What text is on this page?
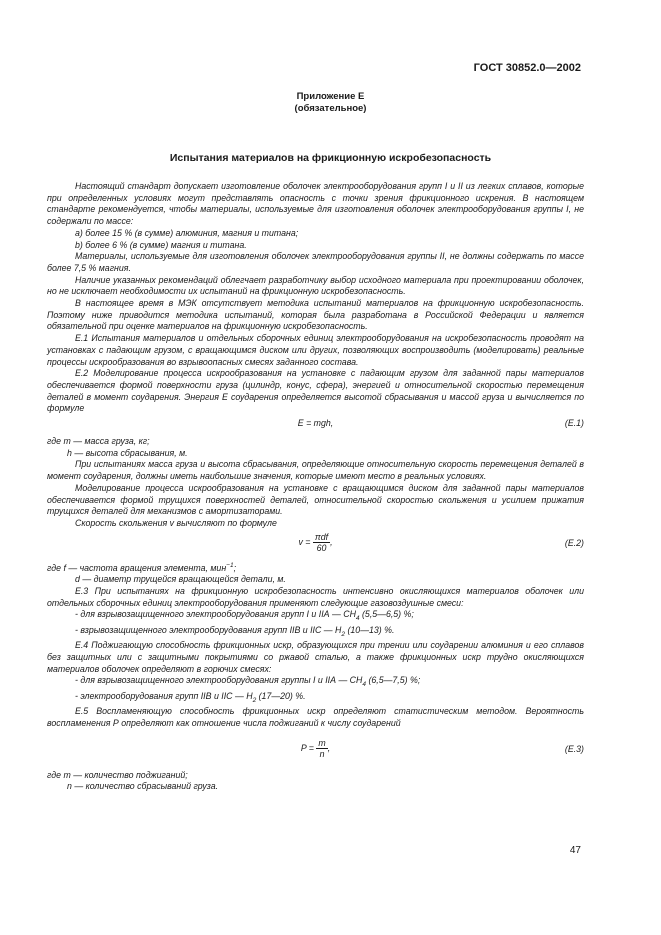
ГОСТ 30852.0—2002
Приложение Е
(обязательное)
Испытания материалов на фрикционную искробезопасность

Настоящий стандарт допускает изготовление оболочек электрооборудования групп I и II из легких сплавов, которые при определенных условиях могут представлять опасность с точки зрения фрикционного искрения. В настоящем стандарте рекомендуется, чтобы материалы, используемые для изготовления оболочек электрооборудования группы I, не содержали по массе:

а) более 15 % (в сумме) алюминия, магния и титана;

b) более 6 % (в сумме) магния и титана.

Материалы, используемые для изготовления оболочек электрооборудования группы II, не должны содержать по массе более 7,5 % магния.

Наличие указанных рекомендаций облегчает разработчику выбор исходного материала при проектировании оболочек, но не исключает необходимости их испытаний на фрикционную искробезопасность.

В настоящее время в МЭК отсутствует методика испытаний материалов на фрикционную искробезопасность. Поэтому ниже приводится методика испытаний, которая была разработана в Российской Федерации и является обязательной при оценке материалов на фрикционную искробезопасность.

Е.1 Испытания материалов и отдельных сборочных единиц электрооборудования на искробезопасность проводят на установках с падающим грузом, с вращающимся диском или других, позволяющих воспроизводить (моделировать) реальные процессы искрообразования во взрывоопасных смесях заданного состава.

Е.2 Моделирование процесса искрообразования на установке с падающим грузом для заданной пары материалов обеспечивается формой поверхности груза (цилиндр, конус, сфера), энергией и относительной скоростью перемещения деталей в момент соударения. Энергия Е соударения определяется высотой сбрасывания и массой груза и вычисляется по формуле

Е = mgh,	(Е.1)

где m — масса груза, кг;

h — высота сбрасывания, м.

При испытаниях масса груза и высота сбрасывания, определяющие относительную скорость перемещения деталей в момент соударения, должны иметь наибольшие значения, которые имеют место в реальных условиях.

Моделирование процесса искрообразования на установке с вращающимся диском для заданной пары материалов обеспечивается формой трущихся поверхностей деталей, относительной скоростью скольжения и усилием прижатия трущихся деталей для механизмов с амортизаторами.

Скорость скольжения v вычисляют по формуле

$v = \frac{\text{πdf}}{60}$ ,	(Е.2)

где f — частота вращения элемента, мин$^{-1}$;

d — диаметр трущейся вращающейся детали, м.

Е.3 При испытаниях на фрикционную искробезопасность интенсивно окисляющихся материалов оболочек или отдельных сборочных единиц электрооборудования применяют следующие газовоздушные смеси:

- для взрывозащищенного электрооборудования групп I и IIА — $СН_4$ (5,5—6,5) %;

- взрывозащищенного электрооборудования групп IIВ и IIС — $Н_2$ (10—13) %.

Е.4 Поджигающую способность фрикционных искр, образующихся при трении или соударении алюминия и его сплавов без защитных или с защитными покрытиями со ржавой сталью, а также фрикционных искр трудно окисляющихся материалов оболочек определяют в горючих смесях:

- для взрывозащищенного электрооборудования группы I и IIА — $СН_4$ (6,5—7,5) %;

- электрооборудования групп IIВ и IIС — $Н_2$ (17—20) %.

Е.5 Воспламеняющую способность фрикционных искр определяют статистическим методом. Вероятность воспламенения Р определяют как отношение числа поджиганий к числу соударений

$P = \frac{m}{n}$ ,	(Е.3)

где m — количество поджиганий;

n — количество сбрасываний груза.

47
